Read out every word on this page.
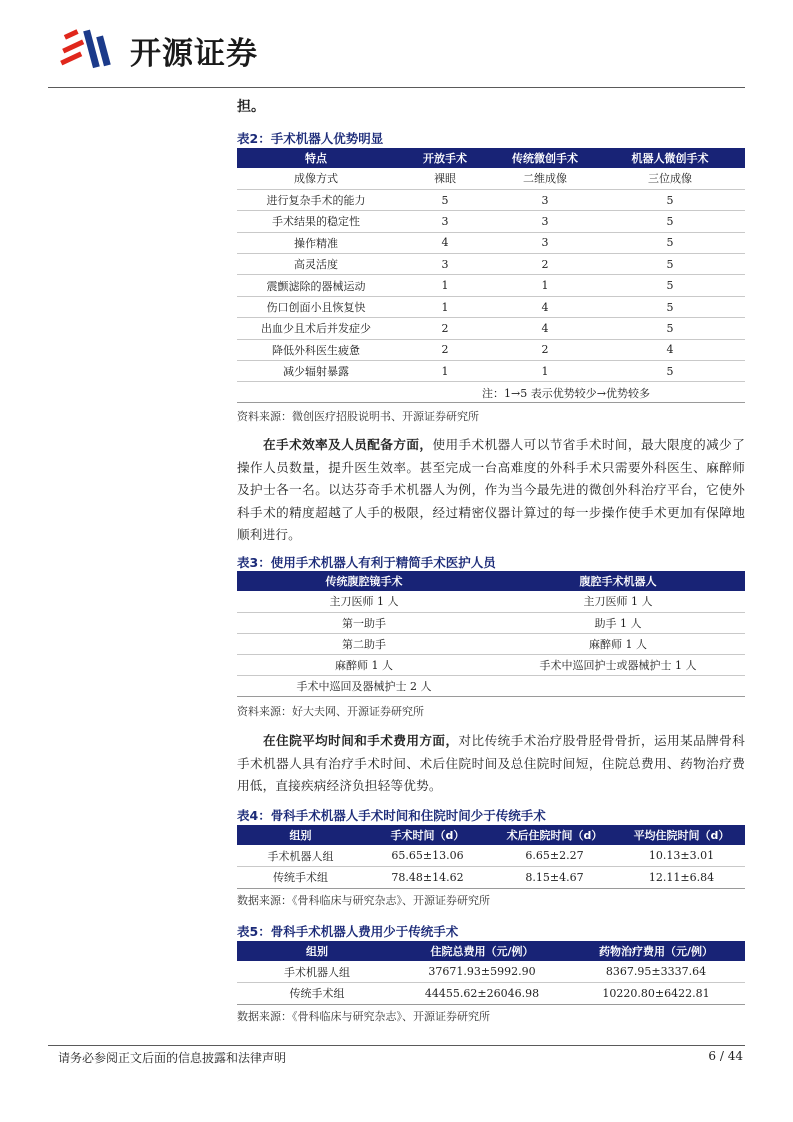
开源证券
担。
表2：手术机器人优势明显
特点	开放手术	传统微创手术	机器人微创手术
成像方式	裸眼	二维成像	三位成像
进行复杂手术的能力	5	3	5
手术结果的稳定性	3	3	5
操作精准	4	3	5
高灵活度	3	2	5
震颤滤除的器械运动	1	1	5
伤口创面小且恢复快	1	4	5
出血少且术后并发症少	2	4	5
降低外科医生疲惫	2	2	4
减少辐射暴露	1	1	5
注：1→5 表示优势较少→优势较多			
资料来源：微创医疗招股说明书、开源证券研究所
在手术效率及人员配备方面，使用手术机器人可以节省手术时间，最大限度的减少了操作人员数量，提升医生效率。甚至完成一台高难度的外科手术只需要外科医生、麻醉师及护士各一名。以达芬奇手术机器人为例，作为当今最先进的微创外科治疗平台，它使外科手术的精度超越了人手的极限，经过精密仪器计算过的每一步操作使手术更加有保障地顺利进行。
表3：使用手术机器人有利于精简手术医护人员
传统腹腔镜手术	腹腔手术机器人
主刀医师 1 人	主刀医师 1 人
第一助手	助手 1 人
第二助手	麻醉师 1 人
麻醉师 1 人	手术中巡回护士或器械护士 1 人
手术中巡回及器械护士 2 人	
资料来源：好大夫网、开源证券研究所
在住院平均时间和手术费用方面，对比传统手术治疗股骨胫骨骨折，运用某品牌骨科手术机器人具有治疗手术时间、术后住院时间及总住院时间短，住院总费用、药物治疗费用低，直接疾病经济负担轻等优势。
表4：骨科手术机器人手术时间和住院时间少于传统手术
组别	手术时间（d）	术后住院时间（d）	平均住院时间（d）
手术机器人组	65.65±13.06	6.65±2.27	10.13±3.01
传统手术组	78.48±14.62	8.15±4.67	12.11±6.84
数据来源：《骨科临床与研究杂志》、开源证券研究所
表5：骨科手术机器人费用少于传统手术
组别	住院总费用（元/例）	药物治疗费用（元/例）
手术机器人组	37671.93±5992.90	8367.95±3337.64
传统手术组	44455.62±26046.98	10220.80±6422.81
数据来源：《骨科临床与研究杂志》、开源证券研究所
请务必参阅正文后面的信息披露和法律声明	6 / 44
